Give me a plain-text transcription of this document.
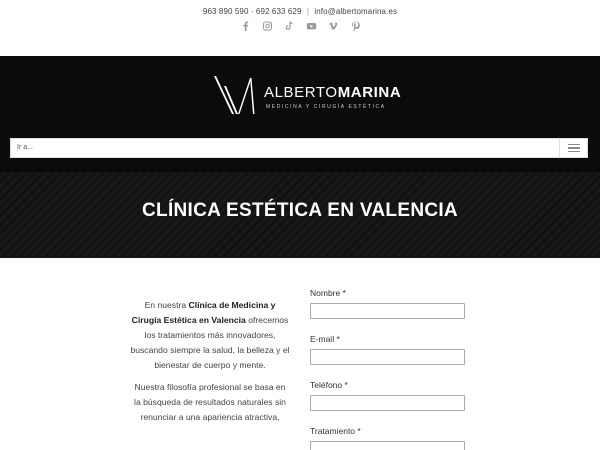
963 890 590 · 692 633 629 | info@albertomarina.es
ALBERTOMARINA
MEDICINA Y CIRUGÍA ESTÉTICA
Ir a...
CLÍNICA ESTÉTICA EN VALENCIA

En nuestra Clínica de Medicina y Cirugía Estética en Valencia ofrecemos los tratamientos más innovadores, buscando siempre la salud, la belleza y el bienestar de cuerpo y mente.

Nuestra filosofía profesional se basa en la búsqueda de resultados naturales sin renunciar a una apariencia atractiva,

Nombre *
E-mail *
Teléfono *
Tratamiento *
